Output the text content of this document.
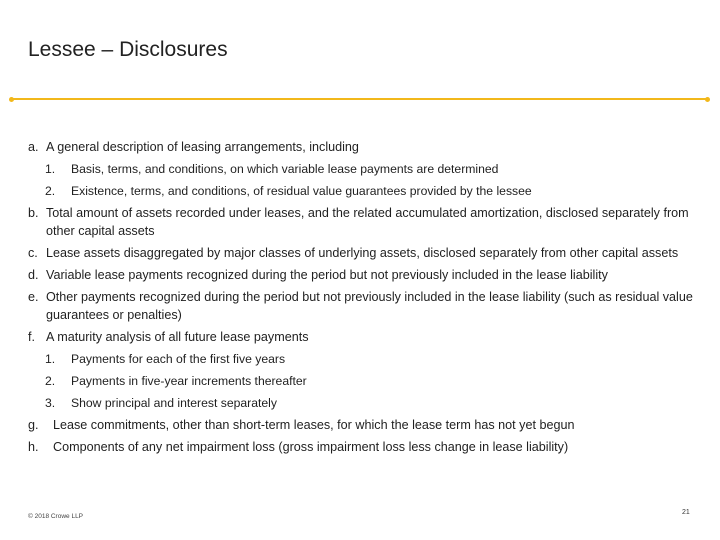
Lessee – Disclosures
a. A general description of leasing arrangements, including
1.	Basis, terms, and conditions, on which variable lease payments are determined
2.	Existence, terms, and conditions, of residual value guarantees provided by the lessee
b. Total amount of assets recorded under leases, and the related accumulated amortization, disclosed separately from other capital assets
c. Lease assets disaggregated by major classes of underlying assets, disclosed separately from other capital assets
d. Variable lease payments recognized during the period but not previously included in the lease liability
e. Other payments recognized during the period but not previously included in the lease liability (such as residual value guarantees or penalties)
f. A maturity analysis of all future lease payments
1.	Payments for each of the first five years
2.	Payments in five-year increments thereafter
3.	Show principal and interest separately
g.	Lease commitments, other than short-term leases, for which the lease term has not yet begun
h.	Components of any net impairment loss (gross impairment loss less change in lease liability)
© 2018 Crowe LLP
21
